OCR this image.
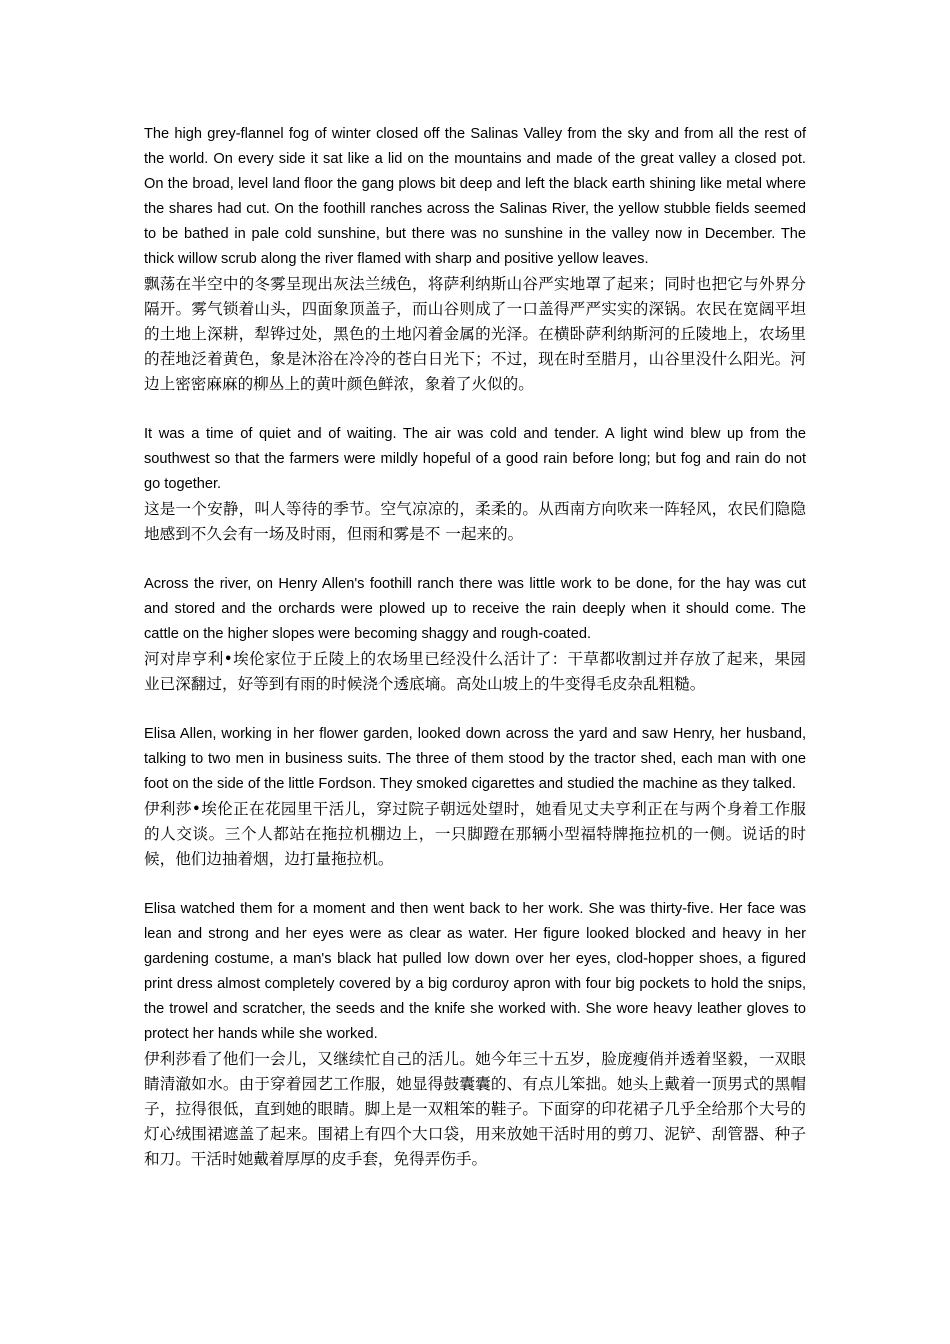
The high grey-flannel fog of winter closed off the Salinas Valley from the sky and from all the rest of the world. On every side it sat like a lid on the mountains and made of the great valley a closed pot. On the broad, level land floor the gang plows bit deep and left the black earth shining like metal where the shares had cut. On the foothill ranches across the Salinas River, the yellow stubble fields seemed to be bathed in pale cold sunshine, but there was no sunshine in the valley now in December. The thick willow scrub along the river flamed with sharp and positive yellow leaves.

飘荡在半空中的冬雾呈现出灰法兰绒色，将萨利纳斯山谷严实地罩了起来；同时也把它与外界分隔开。雾气锁着山头，四面象顶盖子，而山谷则成了一口盖得严严实实的深锅。农民在宽阔平坦的土地上深耕，犁铧过处，黑色的土地闪着金属的光泽。在横卧萨利纳斯河的丘陵地上，农场里的茬地泛着黄色，象是沐浴在冷冷的苍白日光下；不过，现在时至腊月，山谷里没什么阳光。河边上密密麻麻的柳丛上的黄叶颜色鲜浓，象着了火似的。

It was a time of quiet and of waiting. The air was cold and tender. A light wind blew up from the southwest so that the farmers were mildly hopeful of a good rain before long; but fog and rain do not go together.

这是一个安静，叫人等待的季节。空气凉凉的，柔柔的。从西南方向吹来一阵轻风，农民们隐隐地感到不久会有一场及时雨，但雨和雾是不 一起来的。

Across the river, on Henry Allen's foothill ranch there was little work to be done, for the hay was cut and stored and the orchards were plowed up to receive the rain deeply when it should come. The cattle on the higher slopes were becoming shaggy and rough-coated.

河对岸亨利•埃伦家位于丘陵上的农场里已经没什么活计了：干草都收割过并存放了起来，果园业已深翻过，好等到有雨的时候浇个透底墒。高处山坡上的牛变得毛皮杂乱粗糙。

Elisa Allen, working in her flower garden, looked down across the yard and saw Henry, her husband, talking to two men in business suits. The three of them stood by the tractor shed, each man with one foot on the side of the little Fordson. They smoked cigarettes and studied the machine as they talked.

伊利莎•埃伦正在花园里干活儿，穿过院子朝远处望时，她看见丈夫亨利正在与两个身着工作服的人交谈。三个人都站在拖拉机棚边上，一只脚蹬在那辆小型福特牌拖拉机的一侧。说话的时候，他们边抽着烟，边打量拖拉机。

Elisa watched them for a moment and then went back to her work. She was thirty-five. Her face was lean and strong and her eyes were as clear as water. Her figure looked blocked and heavy in her gardening costume, a man's black hat pulled low down over her eyes, clod-hopper shoes, a figured print dress almost completely covered by a big corduroy apron with four big pockets to hold the snips, the trowel and scratcher, the seeds and the knife she worked with. She wore heavy leather gloves to protect her hands while she worked.

伊利莎看了他们一会儿，又继续忙自己的活儿。她今年三十五岁，脸庞瘦俏并透着坚毅，一双眼睛清澈如水。由于穿着园艺工作服，她显得鼓囊囊的、有点儿笨拙。她头上戴着一顶男式的黑帽子，拉得很低，直到她的眼睛。脚上是一双粗笨的鞋子。下面穿的印花裙子几乎全给那个大号的灯心绒围裙遮盖了起来。围裙上有四个大口袋，用来放她干活时用的剪刀、泥铲、刮管器、种子和刀。干活时她戴着厚厚的皮手套，免得弄伤手。
